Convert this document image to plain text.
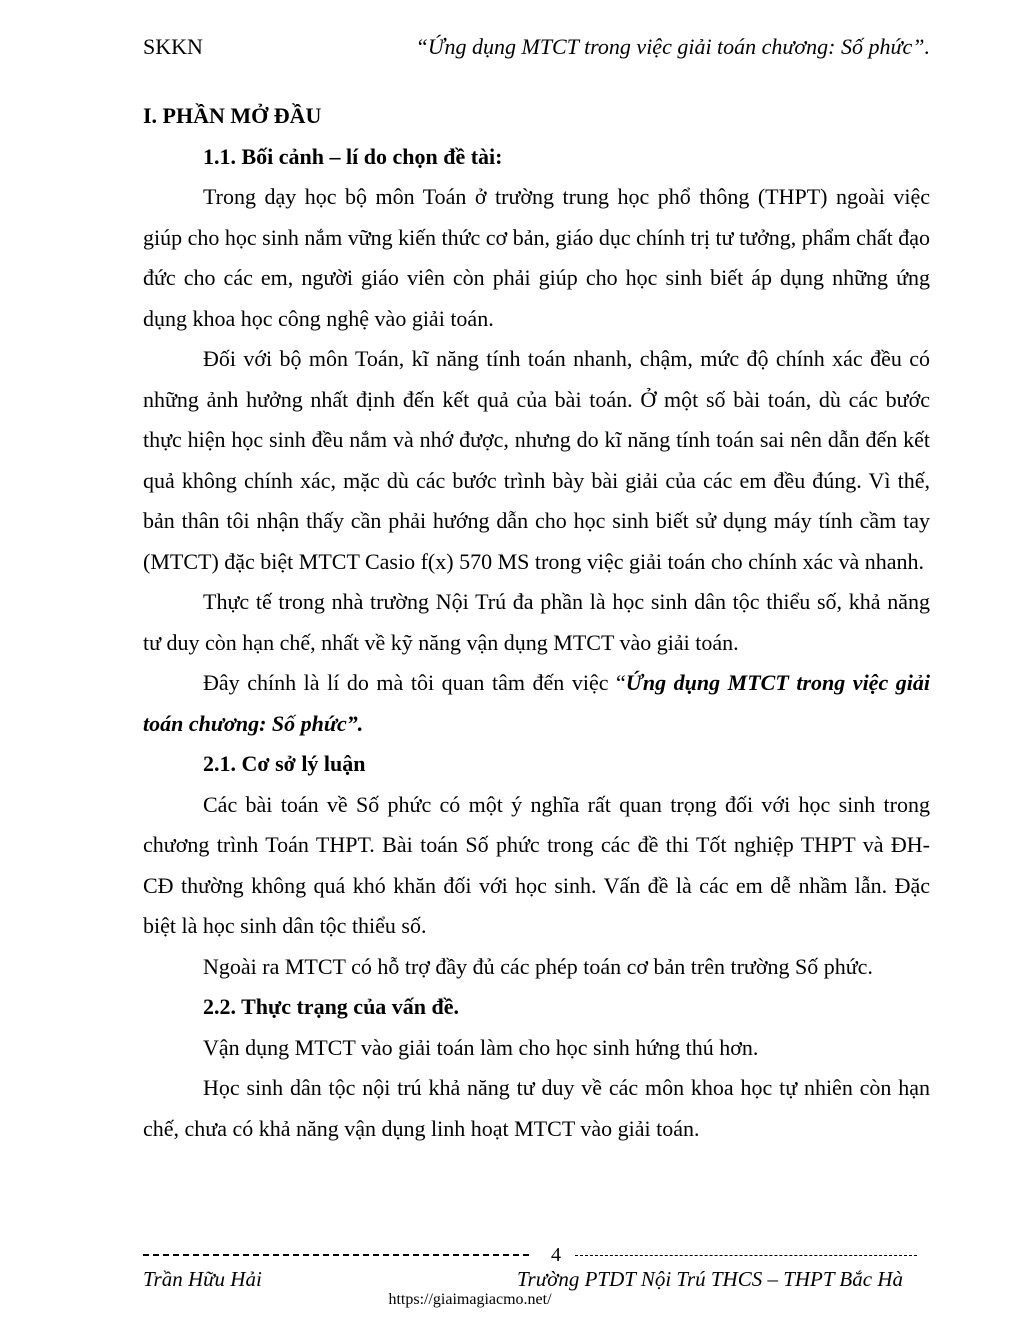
SKKN	“Ứng dụng MTCT trong việc giải toán chương: Số phức”.

I. PHẦN MỞ ĐẦU

1.1. Bối cảnh – lí do chọn đề tài:

Trong dạy học bộ môn Toán ở trường trung học phổ thông (THPT) ngoài việc giúp cho học sinh nắm vững kiến thức cơ bản, giáo dục chính trị tư tưởng, phẩm chất đạo đức cho các em, người giáo viên còn phải giúp cho học sinh biết áp dụng những ứng dụng khoa học công nghệ vào giải toán.

Đối với bộ môn Toán, kĩ năng tính toán nhanh, chậm, mức độ chính xác đều có những ảnh hưởng nhất định đến kết quả của bài toán. Ở một số bài toán, dù các bước thực hiện học sinh đều nắm và nhớ được, nhưng do kĩ năng tính toán sai nên dẫn đến kết quả không chính xác, mặc dù các bước trình bày bài giải của các em đều đúng. Vì thế, bản thân tôi nhận thấy cần phải hướng dẫn cho học sinh biết sử dụng máy tính cầm tay (MTCT) đặc biệt MTCT Casio f(x) 570 MS trong việc giải toán cho chính xác và nhanh.

Thực tế trong nhà trường Nội Trú đa phần là học sinh dân tộc thiểu số, khả năng tư duy còn hạn chế, nhất về kỹ năng vận dụng MTCT vào giải toán.

Đây chính là lí do mà tôi quan tâm đến việc “Ứng dụng MTCT trong việc giải toán chương: Số phức”.

2.1. Cơ sở lý luận

Các bài toán về Số phức có một ý nghĩa rất quan trọng đối với học sinh trong chương trình Toán THPT. Bài toán Số phức trong các đề thi Tốt nghiệp THPT và ĐH-CĐ thường không quá khó khăn đối với học sinh. Vấn đề là các em dễ nhầm lẫn. Đặc biệt là học sinh dân tộc thiểu số.

Ngoài ra MTCT có hỗ trợ đầy đủ các phép toán cơ bản trên trường Số phức.

2.2. Thực trạng của vấn đề.

Vận dụng MTCT vào giải toán làm cho học sinh hứng thú hơn.

Học sinh dân tộc nội trú khả năng tư duy về các môn khoa học tự nhiên còn hạn chế, chưa có khả năng vận dụng linh hoạt MTCT vào giải toán.

4
Trần Hữu Hải	Trường PTDT Nội Trú THCS – THPT Bắc Hà
https://giaimagiacmo.net/
